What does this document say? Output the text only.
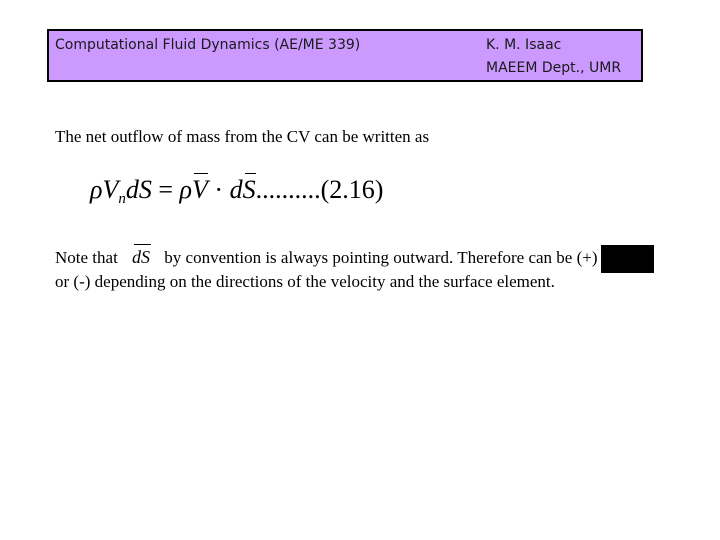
Computational Fluid Dynamics (AE/ME 339)	K. M. Isaac
MAEEM Dept., UMR
The net outflow of mass from the CV can be written as
$\rho V_ndS = \rho V \cdot dS..........(2.16)$
Note that dS by convention is always pointing outward. Therefore can be (+) or (-) depending on the directions of the velocity and the surface element.
